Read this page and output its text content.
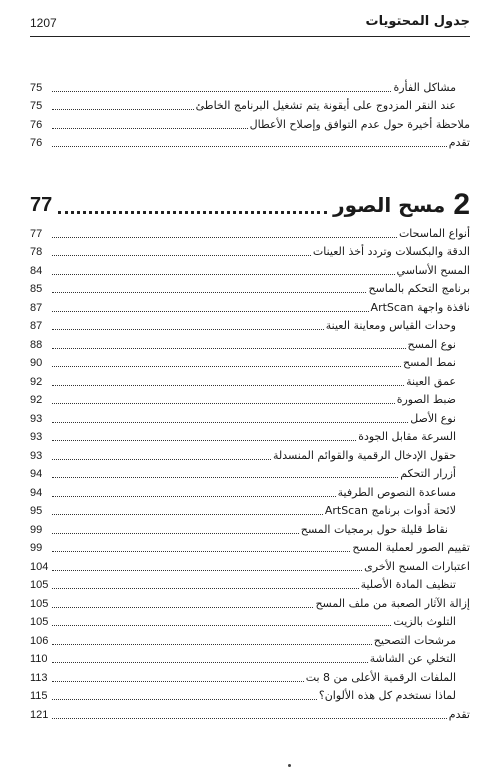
1207	جدول المحتويات
مشاكل الفأرة
75
عند النقر المزدوج على أيقونة يتم تشغيل البرنامج الخاطئ
75
ملاحظة أخيرة حول عدم التوافق وإصلاح الأعطال
76
تقدم
76
2
مسح الصور
77
أنواع الماسحات
77
الدقة والبكسلات وتردد أخذ العينات
78
المسح الأساسي
84
برنامج التحكم بالماسح
85
نافذة واجهة ArtScan
87
وحدات القياس ومعاينة العينة
87
نوع المسح
88
نمط المسح
90
عمق العينة
92
ضبط الصورة
92
نوع الأصل
93
السرعة مقابل الجودة
93
حقول الإدخال الرقمية والقوائم المنسدلة
93
أزرار التحكم
94
مساعدة النصوص الطرفية
94
لائحة أدوات برنامج ArtScan
95
نقاط قليلة حول برمجيات المسح
99
تقييم الصور لعملية المسح
99
اعتبارات المسح الأخرى
104
تنظيف المادة الأصلية
105
إزالة الآثار الصعبة من ملف المسح
105
التلوث بالزيت
105
مرشحات التصحيح
106
التخلي عن الشاشة
110
الملفات الرقمية الأعلى من 8 بت
113
لماذا نستخدم كل هذه الألوان؟
115
تقدم
121
